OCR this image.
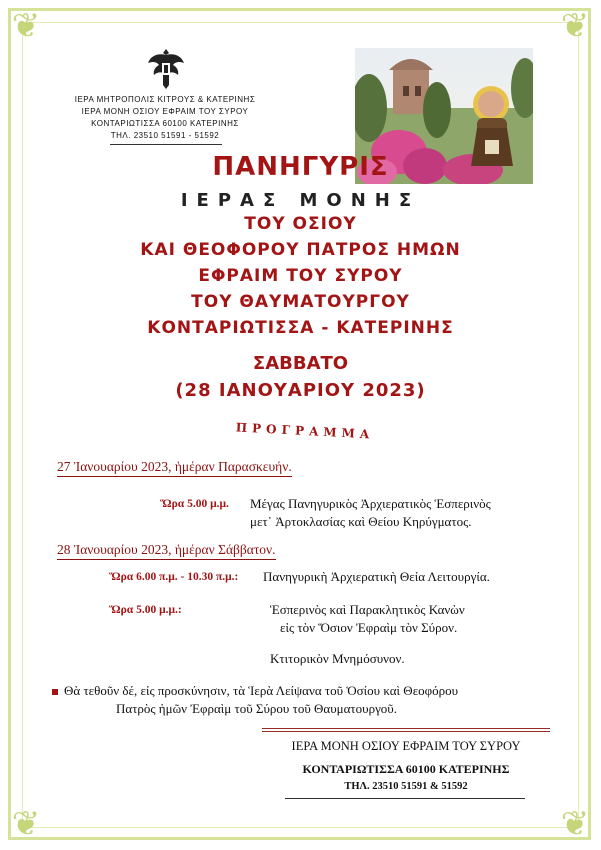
❦	❦
❦	❦
ΙΕΡΑ ΜΗΤΡΟΠΟΛΙΣ ΚΙΤΡΟΥΣ & ΚΑΤΕΡΙΝΗΣ
ΙΕΡΑ ΜΟΝΗ ΟΣΙΟΥ ΕΦΡΑΙΜ ΤΟΥ ΣΥΡΟΥ
ΚΟΝΤΑΡΙΩΤΙΣΣΑ 60100 ΚΑΤΕΡΙΝΗΣ
ΤΗΛ. 23510 51591 - 51592
ΠΑΝΗΓΥΡΙΣ
ΙΕΡΑΣ ΜΟΝΗΣ
ΤΟΥ ΟΣΙΟΥ
ΚΑΙ ΘΕΟΦΟΡΟΥ ΠΑΤΡΟΣ ΗΜΩΝ
ΕΦΡΑΙΜ ΤΟΥ ΣΥΡΟΥ
ΤΟΥ ΘΑΥΜΑΤΟΥΡΓΟΥ
ΚΟΝΤΑΡΙΩΤΙΣΣΑ - ΚΑΤΕΡΙΝΗΣ
ΣΑΒΒΑΤΟ
(28 ΙΑΝΟΥΑΡΙΟΥ 2023)
ΠΡΟΓΡΑΜΜΑ
27 Ἰανουαρίου 2023, ἡμέραν Παρασκευήν.
Ὥρα 5.00 μ.μ. Μέγας Πανηγυρικὸς Ἀρχιερατικὸς Ἑσπερινὸς
μετ᾽ Ἀρτοκλασίας καὶ Θείου Κηρύγματος.
28 Ἰανουαρίου 2023, ἡμέραν Σάββατον.
Ὥρα 6.00 π.μ. - 10.30 π.μ.: Πανηγυρικὴ Ἀρχιερατικὴ Θεία Λειτουργία.
Ὥρα 5.00 μ.μ.:	Ἑσπερινὸς καὶ Παρακλητικὸς Κανὼν
εἰς τὸν Ὅσιον Ἐφραὶμ τὸν Σύρον.
Κτιτορικὸν Μνημόσυνον.
Θὰ τεθοῦν δέ, εἰς προσκύνησιν, τὰ Ἱερὰ Λείψανα τοῦ Ὁσίου καὶ Θεοφόρου
Πατρὸς ἡμῶν Ἐφραὶμ τοῦ Σύρου τοῦ Θαυματουργοῦ.
ΙΕΡΑ ΜΟΝΗ ΟΣΙΟΥ ΕΦΡΑΙΜ ΤΟΥ ΣΥΡΟΥ
ΚΟΝΤΑΡΙΩΤΙΣΣΑ 60100 ΚΑΤΕΡΙΝΗΣ
ΤΗΛ. 23510 51591 & 51592
